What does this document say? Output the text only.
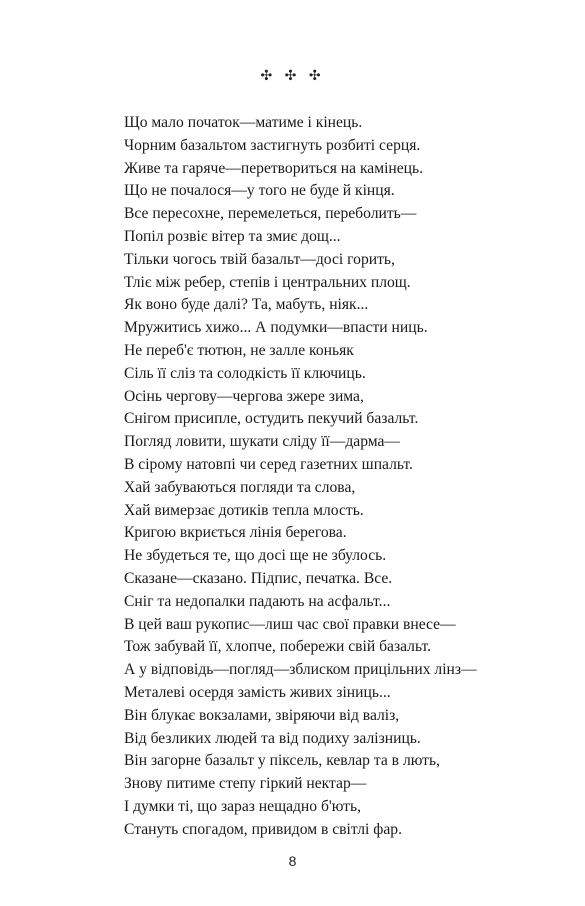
✣ ✣ ✣
Що мало початок—матиме і кінець.
Чорним базальтом застигнуть розбиті серця.
Живе та гаряче—перетвориться на камінець.
Що не почалося—у того не буде й кінця.
Все пересохне, перемелеться, переболить—
Попіл розвіє вітер та змиє дощ...
Тільки чогось твій базальт—досі горить,
Тліє між ребер, степів і центральних площ.
Як воно буде далі? Та, мабуть, ніяк...
Мружитись хижо... А подумки—впасти ниць.
Не переб'є тютюн, не залле коньяк
Сіль її сліз та солодкість її ключиць.
Осінь чергову—чергова зжере зима,
Снігом присипле, остудить пекучий базальт.
Погляд ловити, шукати сліду її—дарма—
В сірому натовпі чи серед газетних шпальт.
Хай забуваються погляди та слова,
Хай вимерзає дотиків тепла млость.
Кригою вкриється лінія берегова.
Не збудеться те, що досі ще не збулось.
Сказане—сказано. Підпис, печатка. Все.
Сніг та недопалки падають на асфальт...
В цей ваш рукопис—лиш час свої правки внесе—
Тож забувай її, хлопче, побережи свій базальт.
А у відповідь—погляд—зблиском прицільних лінз—
Металеві осердя замість живих зіниць...
Він блукає вокзалами, звіряючи від валіз,
Від безликих людей та від подиху залізниць.
Він загорне базальт у піксель, кевлар та в лють,
Знову питиме степу гіркий нектар—
І думки ті, що зараз нещадно б'ють,
Стануть спогадом, привидом в світлі фар.
8
